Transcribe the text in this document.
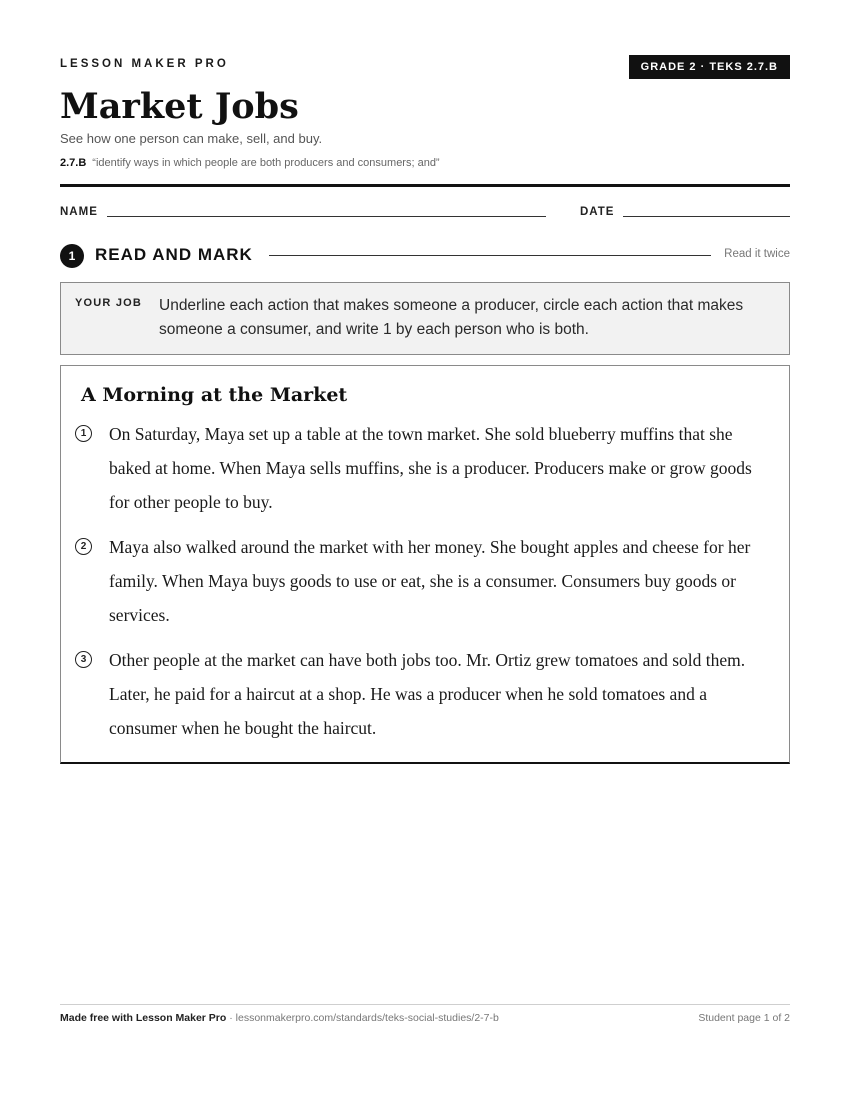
LESSON MAKER PRO	GRADE 2 · TEKS 2.7.B
Market Jobs
See how one person can make, sell, and buy.
2.7.B “identify ways in which people are both producers and consumers; and”
NAME	DATE
1	READ AND MARK	Read it twice
YOUR JOB Underline each action that makes someone a producer, circle each action that makes someone a consumer, and write 1 by each person who is both.
A Morning at the Market
1	On Saturday, Maya set up a table at the town market. She sold blueberry muffins that she baked at home. When Maya sells muffins, she is a producer. Producers make or grow goods for other people to buy.
2	Maya also walked around the market with her money. She bought apples and cheese for her family. When Maya buys goods to use or eat, she is a consumer. Consumers buy goods or services.
3	Other people at the market can have both jobs too. Mr. Ortiz grew tomatoes and sold them. Later, he paid for a haircut at a shop. He was a producer when he sold tomatoes and a consumer when he bought the haircut.
Made free with Lesson Maker Pro · lessonmakerpro.com/standards/teks-social-studies/2-7-b	Student page 1 of 2
